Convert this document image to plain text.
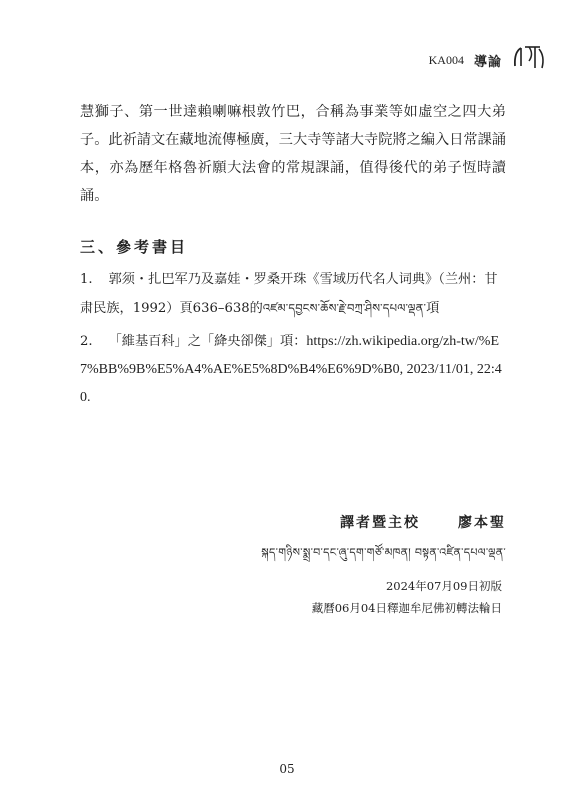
KA004 導論
慧獅子、第一世達賴喇嘛根敦竹巴，合稱為事業等如虛空之四大弟子。此祈請文在藏地流傳極廣，三大寺等諸大寺院將之編入日常課誦本，亦為歷年格魯祈願大法會的常規課誦，值得後代的弟子恆時讀誦。
三、參考書目
1. 郭须・扎巴军乃及嘉娃・罗桑开珠《雪域历代名人词典》（兰州：甘肃民族，1992）頁636–638的འཛམ་དབྱངས་ཆོས་རྗེ་བཀྲ་ཤིས་དཔལ་ལྡན་項
2. 「維基百科」之「絳央卻傑」項：https://zh.wikipedia.org/zh-tw/%E7%BB%9B%E5%A4%AE%E5%8D%B4%E6%9D%B0, 2023/11/01, 22:40.
譯者暨主校	廖本聖
སྐད་གཉིས་སྨྲ་བ་དང་ཞུ་དག་གཙོ་མཁན། བསྟན་འཛིན་དཔལ་ལྡན་
2024年07月09日初版
藏曆06月04日釋迦牟尼佛初轉法輪日
05
